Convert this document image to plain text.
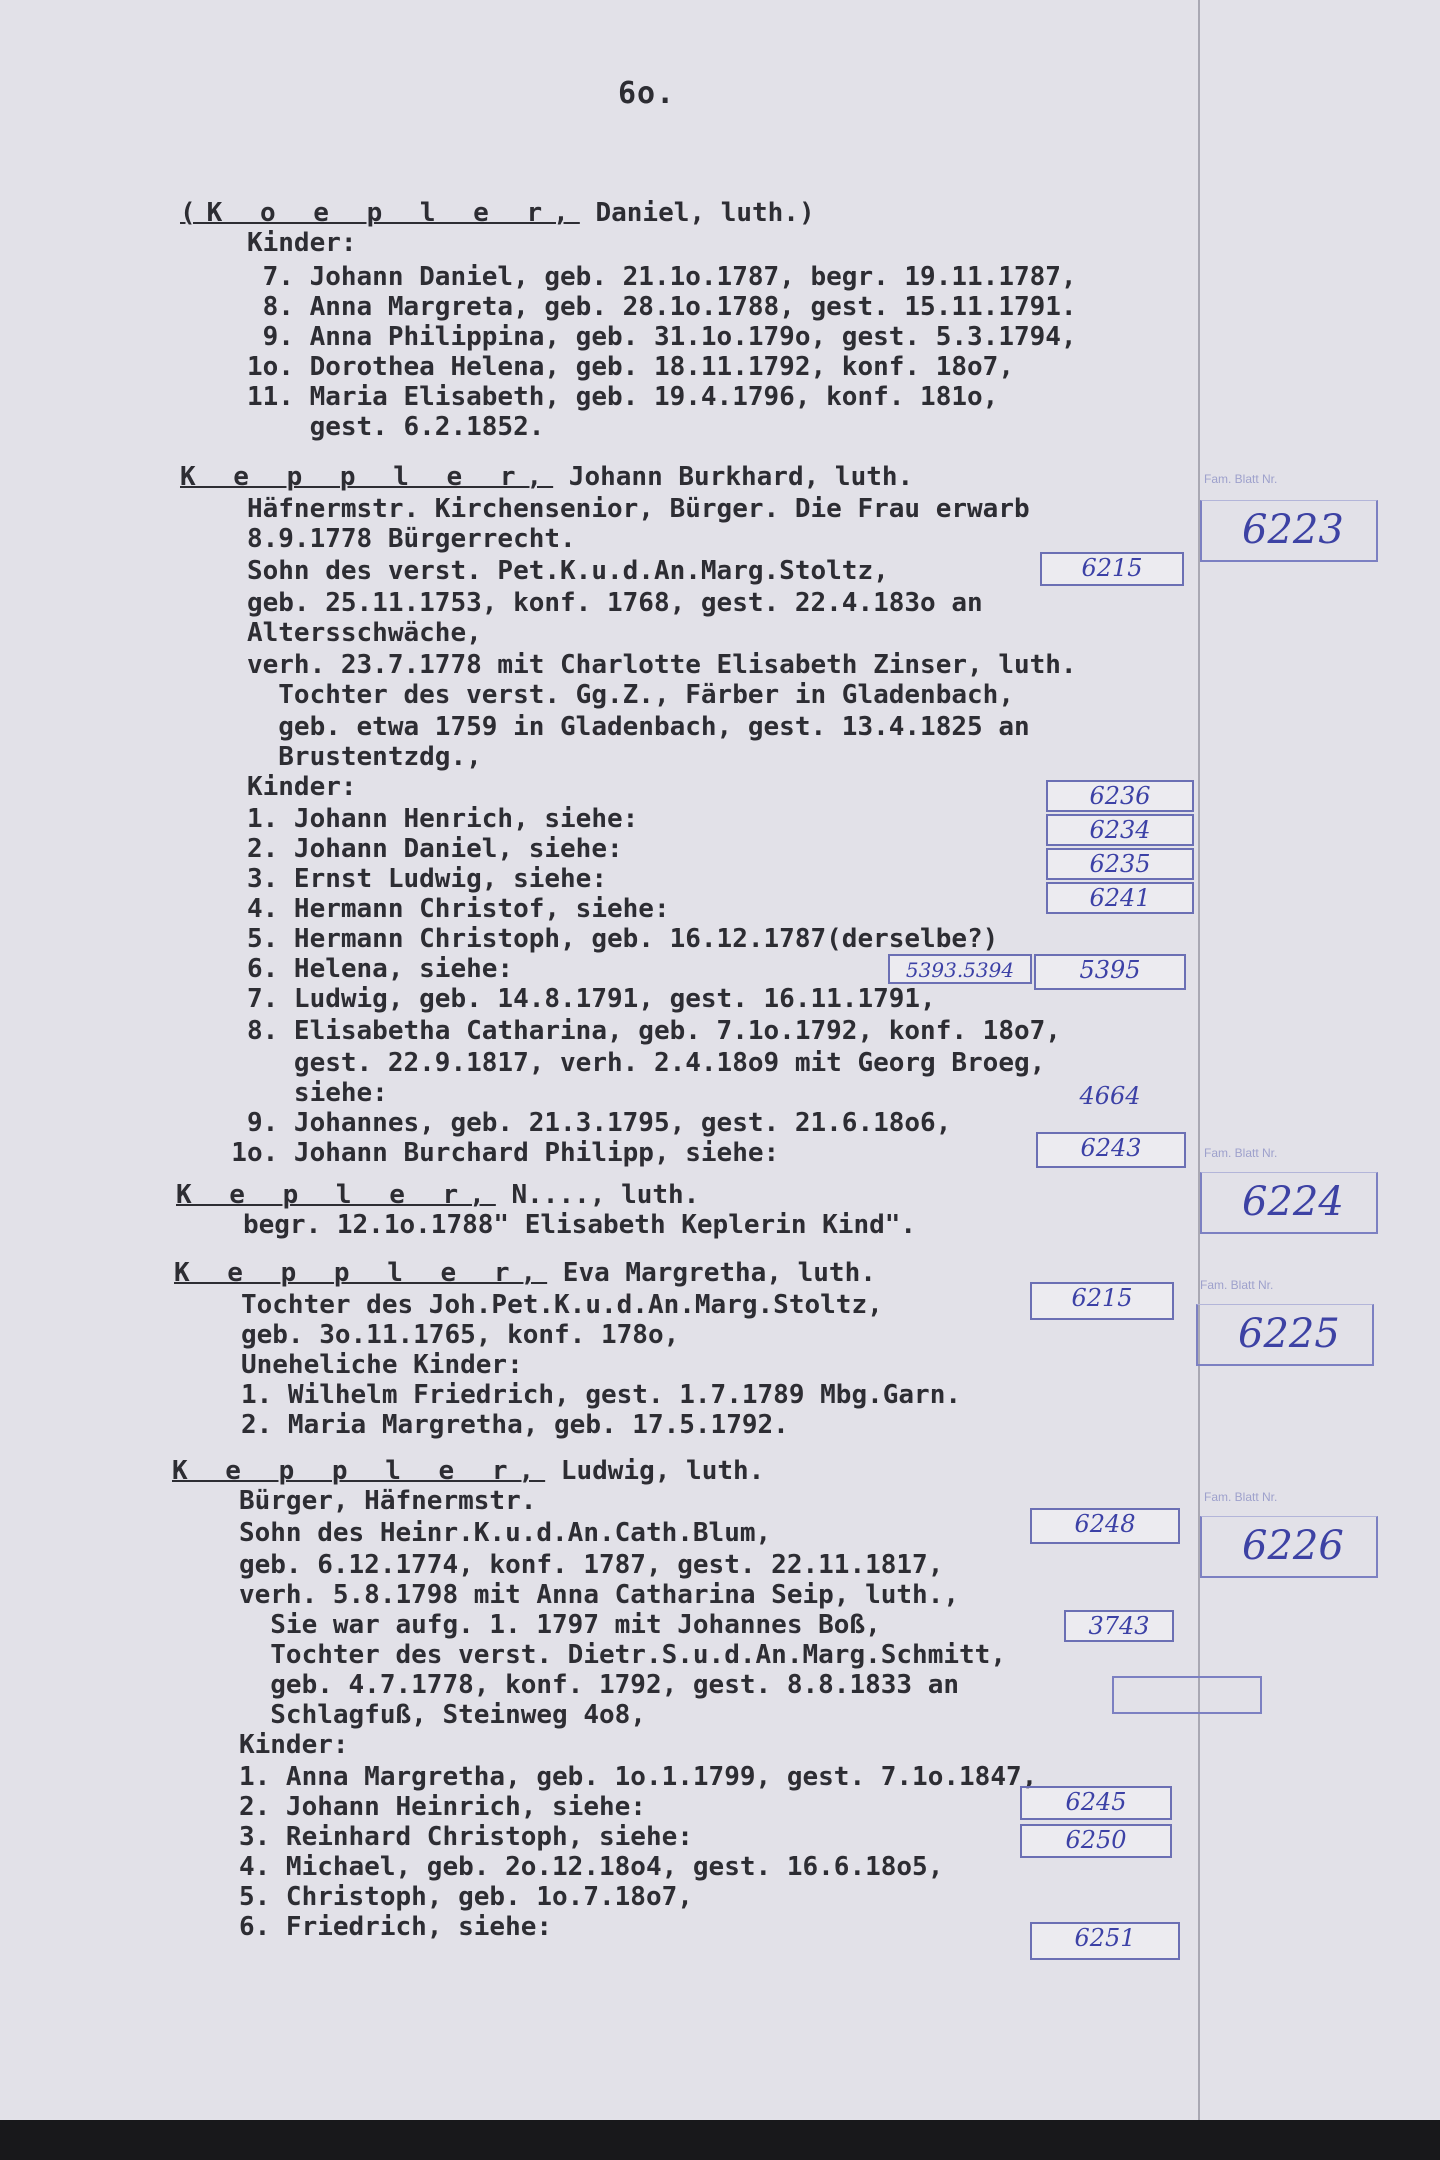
6o.
(K o e p l e r, Daniel, luth.)
Kinder:
7. Johann Daniel, geb. 21.1o.1787, begr. 19.11.1787,
8. Anna Margreta, geb. 28.1o.1788, gest. 15.11.1791.
9. Anna Philippina, geb. 31.1o.179o, gest. 5.3.1794,
1o. Dorothea Helena, geb. 18.11.1792, konf. 18o7,
11. Maria Elisabeth, geb. 19.4.1796, konf. 181o,
gest. 6.2.1852.
K e p p l e r, Johann Burkhard, luth.
Häfnermstr. Kirchensenior, Bürger. Die Frau erwarb
8.9.1778 Bürgerrecht.
Sohn des verst. Pet.K.u.d.An.Marg.Stoltz,
geb. 25.11.1753, konf. 1768, gest. 22.4.183o an
Altersschwäche,
verh. 23.7.1778 mit Charlotte Elisabeth Zinser, luth.
Tochter des verst. Gg.Z., Färber in Gladenbach,
geb. etwa 1759 in Gladenbach, gest. 13.4.1825 an
Brustentzdg.,
Kinder:
1. Johann Henrich, siehe:
2. Johann Daniel, siehe:
3. Ernst Ludwig, siehe:
4. Hermann Christof, siehe:
5. Hermann Christoph, geb. 16.12.1787(derselbe?)
6. Helena, siehe:
7. Ludwig, geb. 14.8.1791, gest. 16.11.1791,
8. Elisabetha Catharina, geb. 7.1o.1792, konf. 18o7,
gest. 22.9.1817, verh. 2.4.18o9 mit Georg Broeg,
siehe:
9. Johannes, geb. 21.3.1795, gest. 21.6.18o6,
1o. Johann Burchard Philipp, siehe:
K e p l e r, N...., luth.
begr. 12.1o.1788" Elisabeth Keplerin Kind".
K e p p l e r, Eva Margretha, luth.
Tochter des Joh.Pet.K.u.d.An.Marg.Stoltz,
geb. 3o.11.1765, konf. 178o,
Uneheliche Kinder:
1. Wilhelm Friedrich, gest. 1.7.1789 Mbg.Garn.
2. Maria Margretha, geb. 17.5.1792.
K e p p l e r, Ludwig, luth.
Bürger, Häfnermstr.
Sohn des Heinr.K.u.d.An.Cath.Blum,
geb. 6.12.1774, konf. 1787, gest. 22.11.1817,
verh. 5.8.1798 mit Anna Catharina Seip, luth.,
Sie war aufg. 1. 1797 mit Johannes Boß,
Tochter des verst. Dietr.S.u.d.An.Marg.Schmitt,
geb. 4.7.1778, konf. 1792, gest. 8.8.1833 an
Schlagfuß, Steinweg 4o8,
Kinder:
1. Anna Margretha, geb. 1o.1.1799, gest. 7.1o.1847,
2. Johann Heinrich, siehe:
3. Reinhard Christoph, siehe:
4. Michael, geb. 2o.12.18o4, gest. 16.6.18o5,
5. Christoph, geb. 1o.7.18o7,
6. Friedrich, siehe:
6215
6236
6234
6235
6241
5393.5394	5395
4664
6243
6215
6248
3743
6245
6250
6251
Fam. Blatt Nr.
6223
Fam. Blatt Nr.
6224
Fam. Blatt Nr.
6225
Fam. Blatt Nr.
6226
